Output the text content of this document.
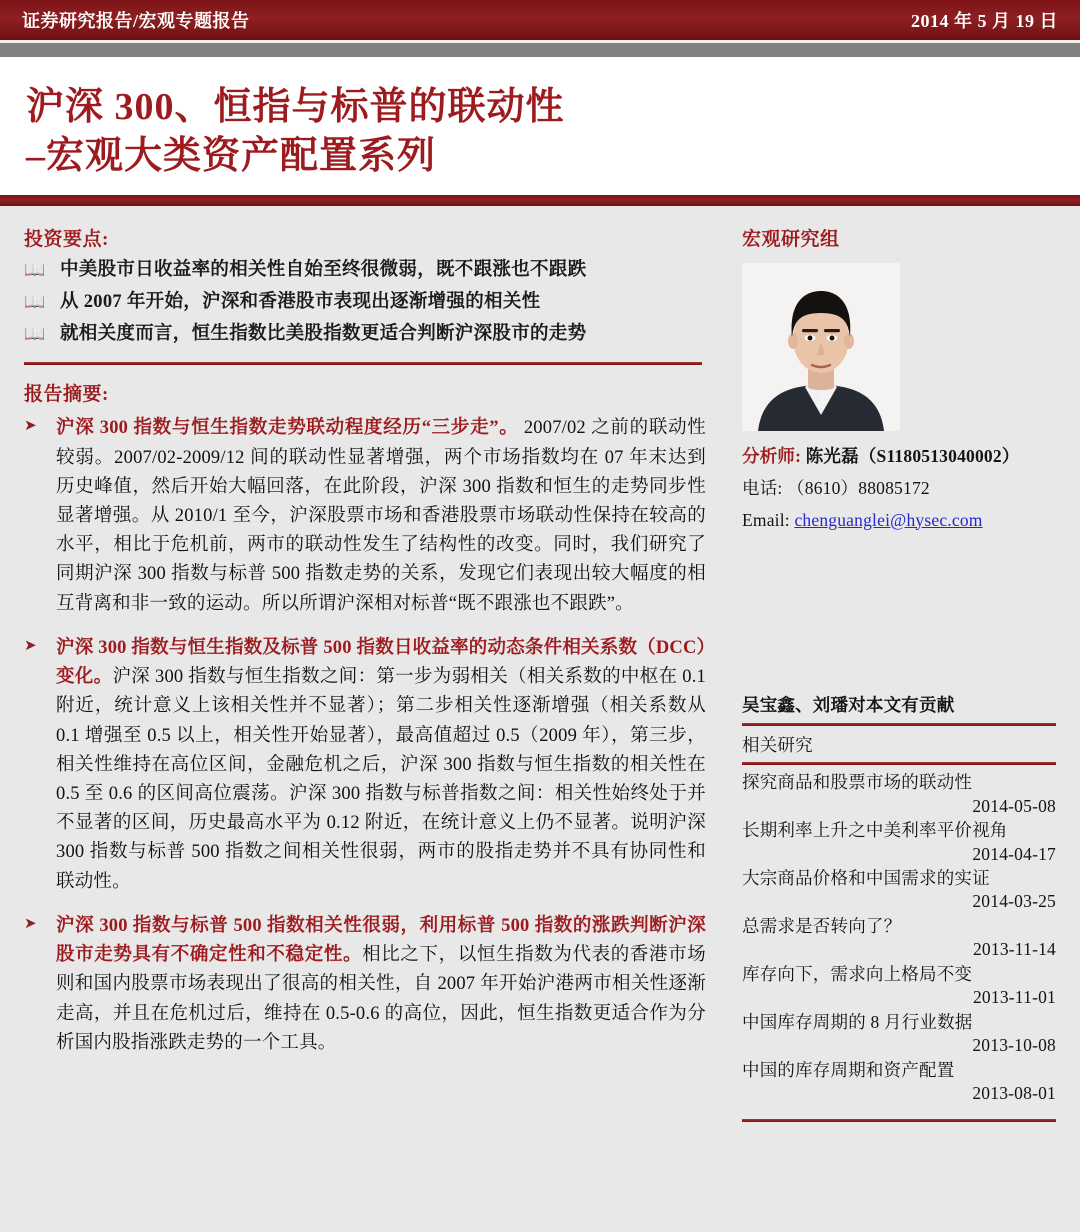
证券研究报告/宏观专题报告	2014 年 5 月 19 日
沪深 300、恒指与标普的联动性
–宏观大类资产配置系列
投资要点:
📖 中美股市日收益率的相关性自始至终很微弱，既不跟涨也不跟跌
📖 从 2007 年开始，沪深和香港股市表现出逐渐增强的相关性
📖 就相关度而言，恒生指数比美股指数更适合判断沪深股市的走势
报告摘要:
➤	沪深 300 指数与恒生指数走势联动程度经历“三步走”。 2007/02 之前的联动性较弱。2007/02-2009/12 间的联动性显著增强，两个市场指数均在 07 年末达到历史峰值，然后开始大幅回落，在此阶段，沪深 300 指数和恒生的走势同步性显著增强。从 2010/1 至今，沪深股票市场和香港股票市场联动性保持在较高的水平，相比于危机前，两市的联动性发生了结构性的改变。同时，我们研究了同期沪深 300 指数与标普 500 指数走势的关系，发现它们表现出较大幅度的相互背离和非一致的运动。所以所谓沪深相对标普“既不跟涨也不跟跌”。
➤	沪深 300 指数与恒生指数及标普 500 指数日收益率的动态条件相关系数（DCC）变化。沪深 300 指数与恒生指数之间：第一步为弱相关（相关系数的中枢在 0.1 附近，统计意义上该相关性并不显著）；第二步相关性逐渐增强（相关系数从 0.1 增强至 0.5 以上，相关性开始显著），最高值超过 0.5（2009 年），第三步，相关性维持在高位区间，金融危机之后，沪深 300 指数与恒生指数的相关性在 0.5 至 0.6 的区间高位震荡。沪深 300 指数与标普指数之间：相关性始终处于并不显著的区间，历史最高水平为 0.12 附近，在统计意义上仍不显著。说明沪深 300 指数与标普 500 指数之间相关性很弱，两市的股指走势并不具有协同性和联动性。
➤	沪深 300 指数与标普 500 指数相关性很弱，利用标普 500 指数的涨跌判断沪深股市走势具有不确定性和不稳定性。相比之下，以恒生指数为代表的香港市场则和国内股票市场表现出了很高的相关性，自 2007 年开始沪港两市相关性逐渐走高，并且在危机过后，维持在 0.5-0.6 的高位，因此，恒生指数更适合作为分析国内股指涨跌走势的一个工具。
宏观研究组
分析师: 陈光磊（S1180513040002）
电话: （8610）88085172
Email: chenguanglei@hysec.com
吴宝鑫、刘璠对本文有贡献
相关研究
探究商品和股票市场的联动性
2014-05-08
长期利率上升之中美利率平价视角
2014-04-17
大宗商品价格和中国需求的实证
2014-03-25
总需求是否转向了？
2013-11-14
库存向下，需求向上格局不变
2013-11-01
中国库存周期的 8 月行业数据
2013-10-08
中国的库存周期和资产配置
2013-08-01
